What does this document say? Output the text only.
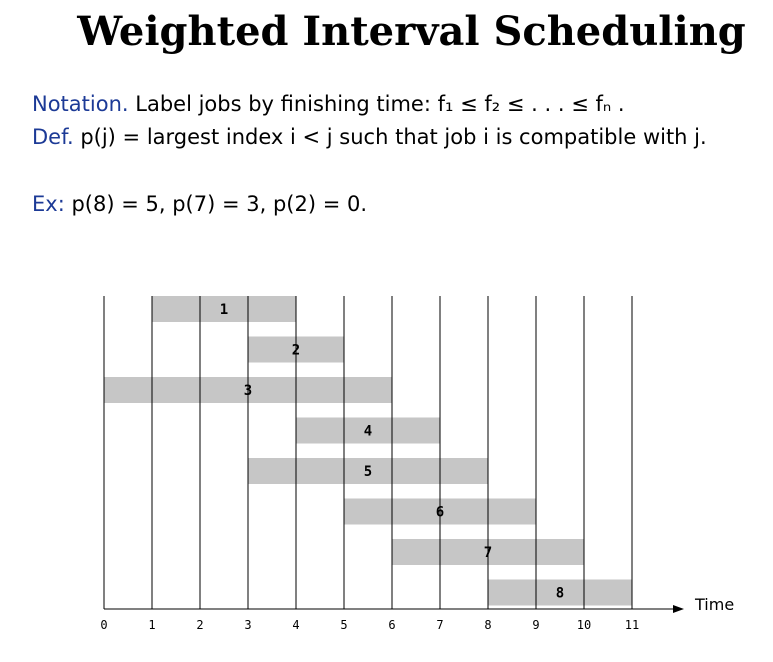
Weighted Interval Scheduling
Notation. Label jobs by finishing time: f₁ ≤ f₂ ≤ . . . ≤ fₙ .
Def. p(j) = largest index i < j such that job i is compatible with j.
Ex: p(8) = 5, p(7) = 3, p(2) = 0.
1
2
3
4
5
6
7
8
0	1	2	3	4	5	6	7	8	9	10	11
Time
